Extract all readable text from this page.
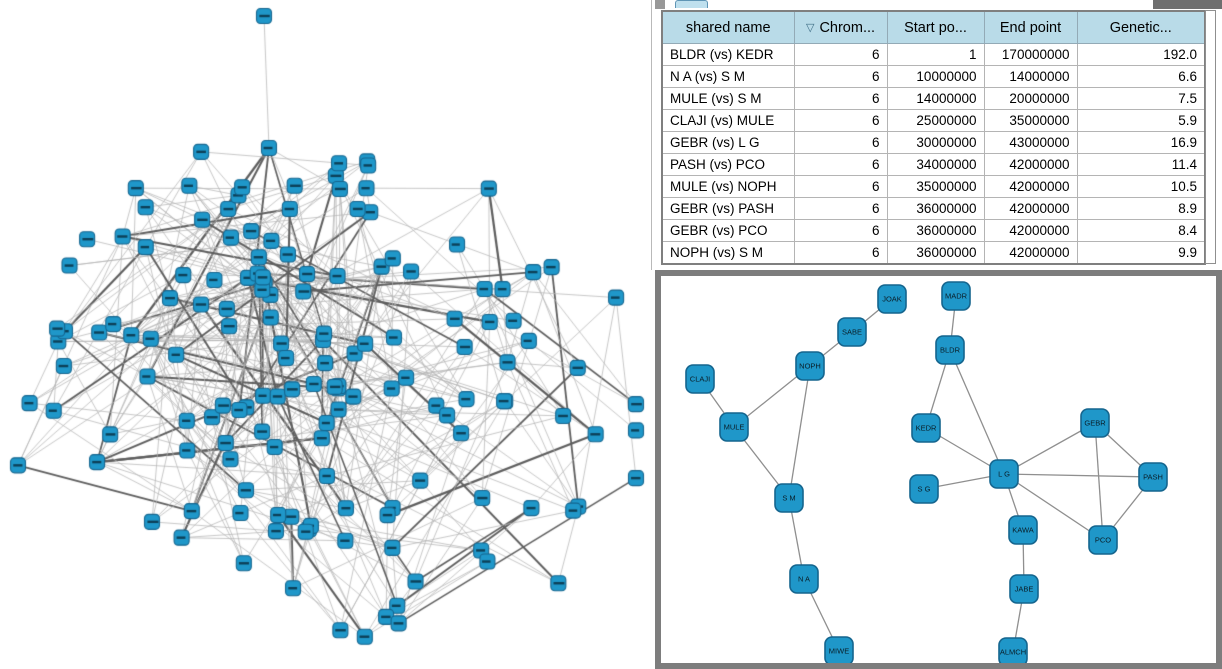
shared name	▽ Chrom...	Start po...	End point	Genetic...
BLDR (vs) KEDR	6	1	170000000	192.0
N A (vs) S M	6	10000000	14000000	6.6
MULE (vs) S M	6	14000000	20000000	7.5
CLAJI (vs) MULE	6	25000000	35000000	5.9
GEBR (vs) L G	6	30000000	43000000	16.9
PASH (vs) PCO	6	34000000	42000000	11.4
MULE (vs) NOPH	6	35000000	42000000	10.5
GEBR (vs) PASH	6	36000000	42000000	8.9
GEBR (vs) PCO	6	36000000	42000000	8.4
NOPH (vs) S M	6	36000000	42000000	9.9
JOAK	MADR
SABE
BLDR
NOPH
CLAJI
GEBR
MULE	KEDR
L G	PASH
S G
S M
KAWA
PCO
N A
JABE
MIWE	ALMCH
